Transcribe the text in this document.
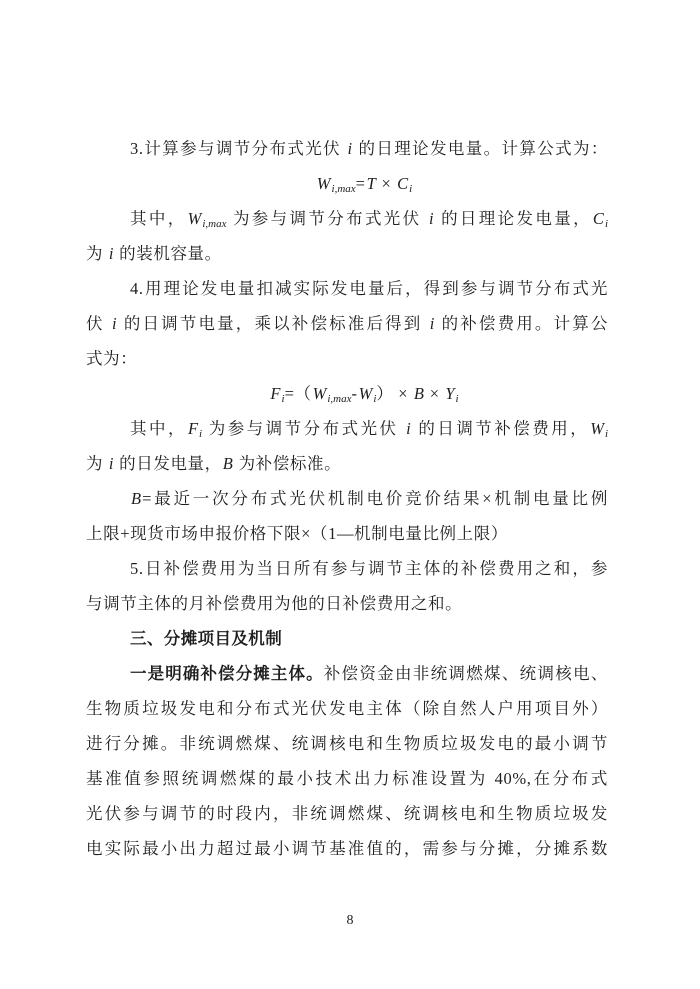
3.计算参与调节分布式光伏 i 的日理论发电量。计算公式为：
Wi,max=T × Ci
其中，Wi,max 为参与调节分布式光伏 i 的日理论发电量，Ci
为 i 的装机容量。
4.用理论发电量扣减实际发电量后，得到参与调节分布式光
伏 i 的日调节电量，乘以补偿标准后得到 i 的补偿费用。计算公
式为：
Fi=（Wi,max-Wi） × B × Yi
其中，Fi 为参与调节分布式光伏 i 的日调节补偿费用，Wi
为 i 的日发电量，B 为补偿标准。
B=最近一次分布式光伏机制电价竞价结果×机制电量比例
上限+现货市场申报价格下限×（1—机制电量比例上限）
5.日补偿费用为当日所有参与调节主体的补偿费用之和，参
与调节主体的月补偿费用为他的日补偿费用之和。
三、分摊项目及机制
一是明确补偿分摊主体。补偿资金由非统调燃煤、统调核电、
生物质垃圾发电和分布式光伏发电主体（除自然人户用项目外）
进行分摊。非统调燃煤、统调核电和生物质垃圾发电的最小调节
基准值参照统调燃煤的最小技术出力标准设置为 40%,在分布式
光伏参与调节的时段内，非统调燃煤、统调核电和生物质垃圾发
电实际最小出力超过最小调节基准值的，需参与分摊，分摊系数
8
